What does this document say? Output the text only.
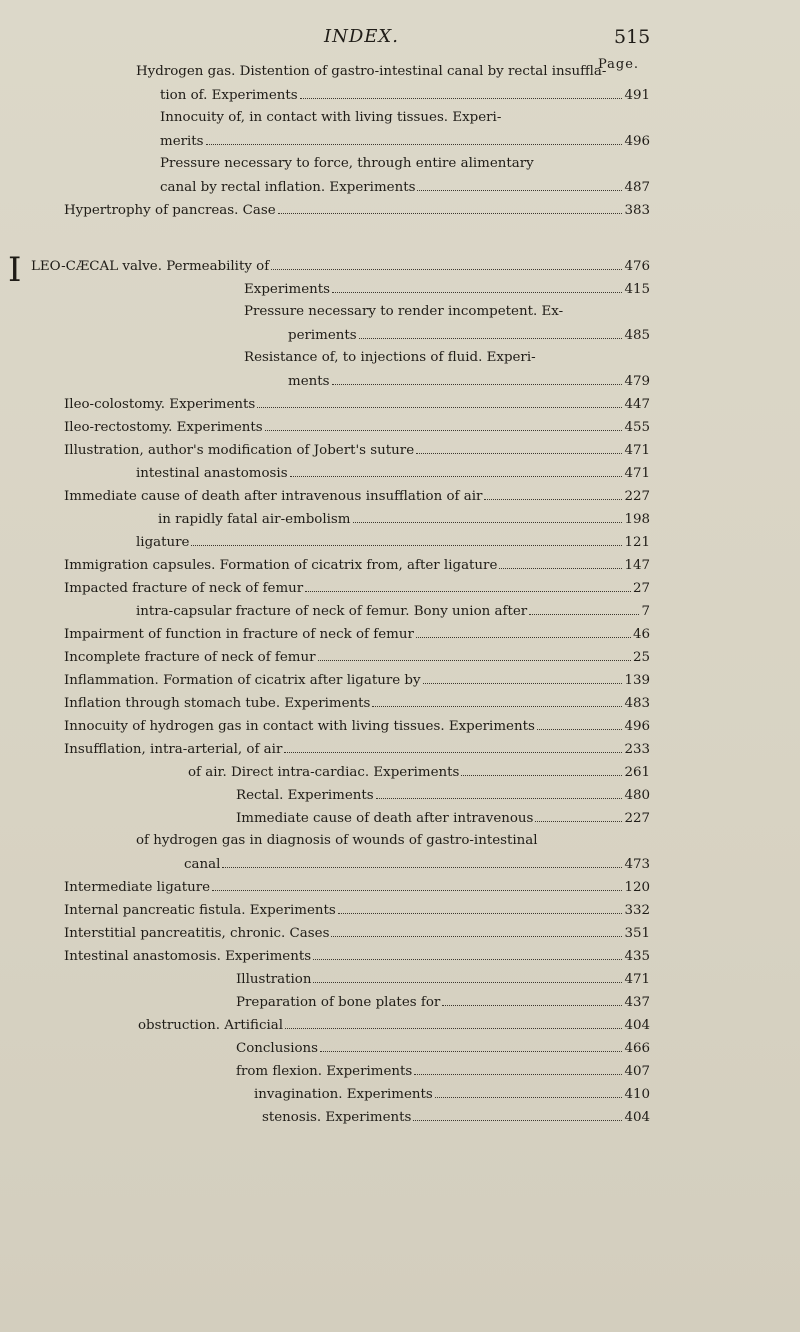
INDEX.	515
Page.
I
Hydrogen gas. Distention of gastro-intestinal canal by rectal insuffla-
tion of. Experiments	491
Innocuity of, in contact with living tissues. Experi-
merits	496
Pressure necessary to force, through entire alimentary
canal by rectal inflation. Experiments	487
Hypertrophy of pancreas. Case	383
LEO-CÆCAL valve. Permeability of	476
Experiments	415
Pressure necessary to render incompetent. Ex-
periments	485
Resistance of, to injections of fluid. Experi-
ments	479
Ileo-colostomy. Experiments	447
Ileo-rectostomy. Experiments	455
Illustration, author's modification of Jobert's suture	471
intestinal anastomosis	471
Immediate cause of death after intravenous insufflation of air	227
in rapidly fatal air-embolism	198
ligature	121
Immigration capsules. Formation of cicatrix from, after ligature	147
Impacted fracture of neck of femur	27
intra-capsular fracture of neck of femur. Bony union after	7
Impairment of function in fracture of neck of femur	46
Incomplete fracture of neck of femur	25
Inflammation. Formation of cicatrix after ligature by	139
Inflation through stomach tube. Experiments	483
Innocuity of hydrogen gas in contact with living tissues. Experiments	496
Insufflation, intra-arterial, of air	233
of air. Direct intra-cardiac. Experiments	261
Rectal. Experiments	480
Immediate cause of death after intravenous	227
of hydrogen gas in diagnosis of wounds of gastro-intestinal
canal	473
Intermediate ligature	120
Internal pancreatic fistula. Experiments	332
Interstitial pancreatitis, chronic. Cases	351
Intestinal anastomosis. Experiments	435
Illustration	471
Preparation of bone plates for	437
obstruction. Artificial	404
Conclusions	466
from flexion. Experiments	407
invagination. Experiments	410
stenosis. Experiments	404
